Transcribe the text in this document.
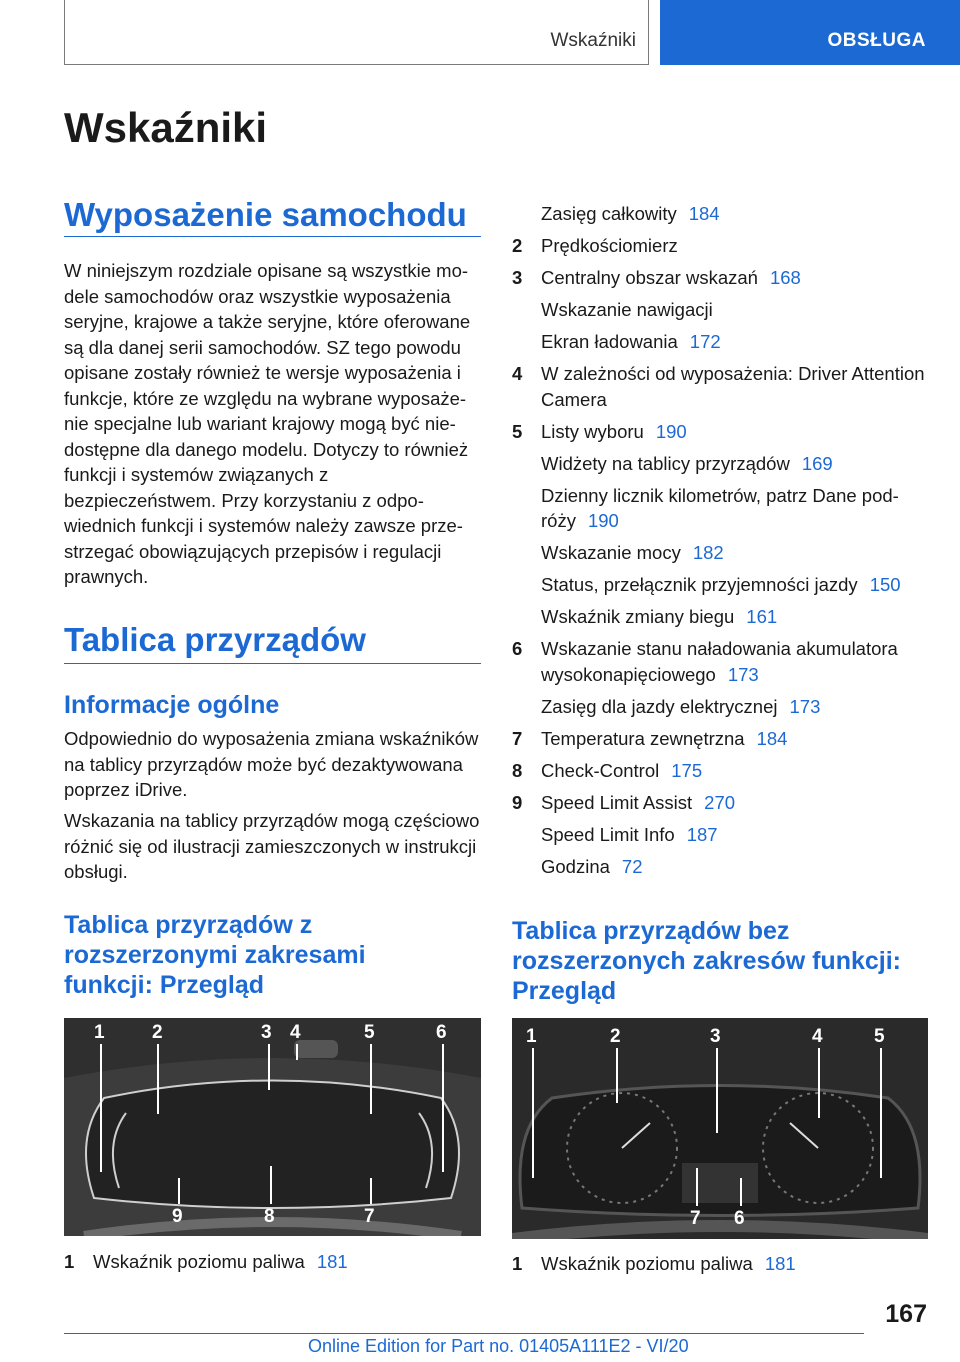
Wskaźniki	OBSŁUGA
Wskaźniki
Wyposażenie samochodu
W niniejszym rozdziale opisane są wszystkie modele samochodów oraz wszystkie wyposażenia seryjne, krajowe a także seryjne, które oferowane są dla danej serii samochodów. SZ tego powodu opisane zostały również te wersje wyposażenia i funkcje, które ze względu na wybrane wyposażenie specjalne lub wariant krajowy mogą być niedostępne dla danego modelu. Dotyczy to również funkcji i systemów związanych z bezpieczeństwem. Przy korzystaniu z odpowiednich funkcji i systemów należy zawsze przestrzegać obowiązujących przepisów i regulacji prawnych.
Tablica przyrządów
Informacje ogólne
Odpowiednio do wyposażenia zmiana wskaźników na tablicy przyrządów może być dezaktywowana poprzez iDrive.
Wskazania na tablicy przyrządów mogą częściowo różnić się od ilustracji zamieszczonych w instrukcji obsługi.
Tablica przyrządów z rozszerzonymi zakresami funkcji: Przegląd
1 2	3 4	5	6
9	8	7
1 Wskaźnik poziomu paliwa 181
Zasięg całkowity 184
2 Prędkościomierz
3 Centralny obszar wskazań 168
Wskazanie nawigacji
Ekran ładowania 172
4 W zależności od wyposażenia: Driver Attention Camera
5 Listy wyboru 190
Widżety na tablicy przyrządów 169
Dzienny licznik kilometrów, patrz Dane podróży 190
Wskazanie mocy 182
Status, przełącznik przyjemności jazdy 150
Wskaźnik zmiany biegu 161
6 Wskazanie stanu naładowania akumulatora wysokonapięciowego 173
Zasięg dla jazdy elektrycznej 173
7 Temperatura zewnętrzna 184
8 Check-Control 175
9 Speed Limit Assist 270
Speed Limit Info 187
Godzina 72
Tablica przyrządów bez rozszerzonych zakresów funkcji: Przegląd
1	2	3	4	5
7 6
1 Wskaźnik poziomu paliwa 181
167
Online Edition for Part no. 01405A111E2 - VI/20
